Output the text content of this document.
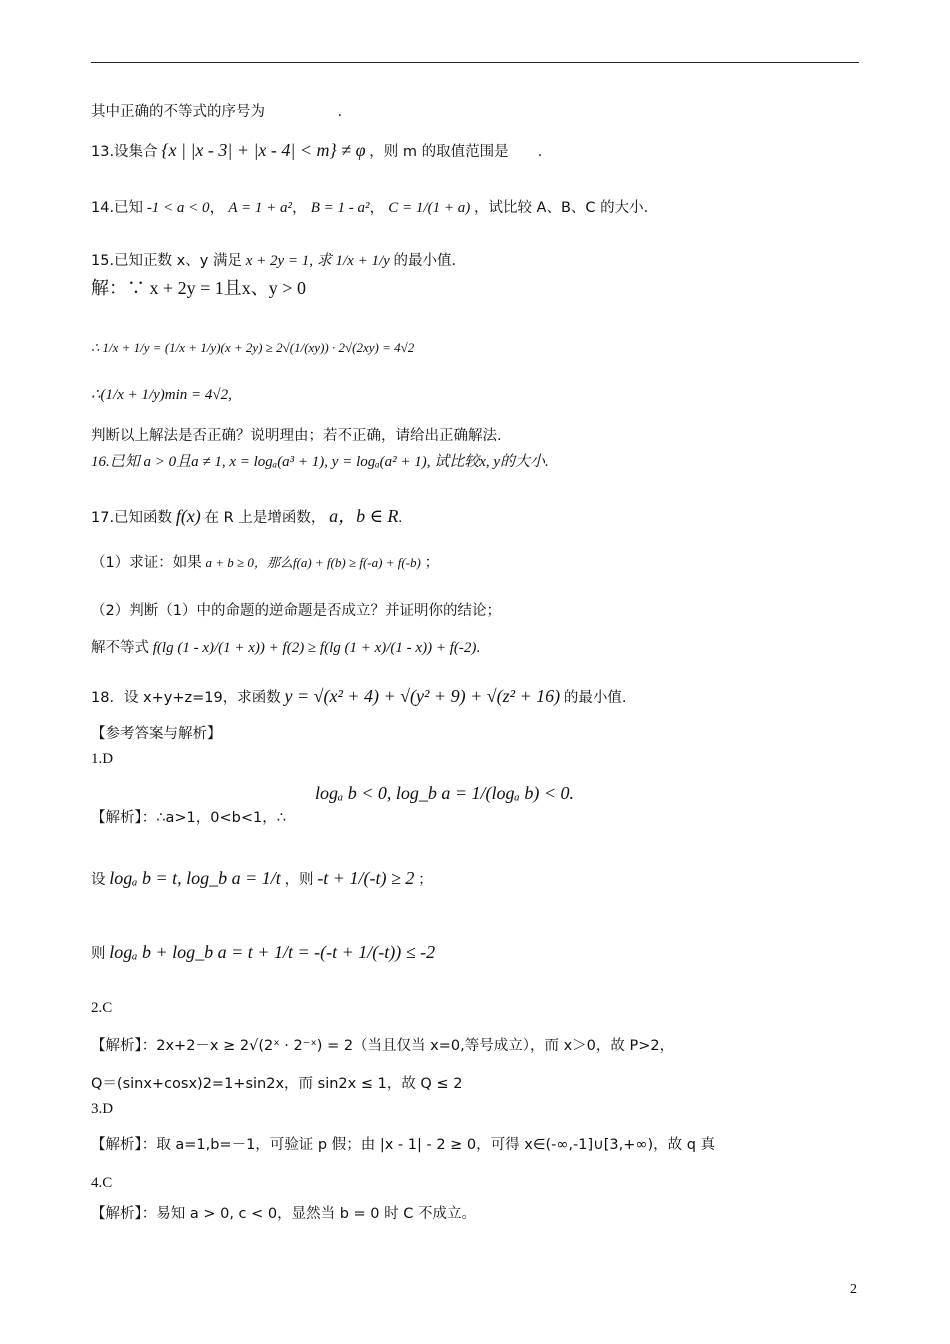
其中正确的不等式的序号为　　　　　.
13.设集合 {x | |x - 3| + |x - 4| < m} ≠ φ ，则 m 的取值范围是　　.
14.已知 -1 < a < 0， A = 1 + a²， B = 1 - a²， C = 1/(1 + a) ，试比较 A、B、C 的大小.
15.已知正数 x、y 满足 x + 2y = 1, 求 1/x + 1/y 的最小值.
解：∵ x + 2y = 1且x、y > 0
∴ 1/x + 1/y = (1/x + 1/y)(x + 2y) ≥ 2√(1/(xy)) · 2√(2xy) = 4√2
∴(1/x + 1/y)min = 4√2,
判断以上解法是否正确？说明理由；若不正确，请给出正确解法.
16.已知 a > 0且a ≠ 1, x = logₐ(a³ + 1), y = logₐ(a² + 1), 试比较x, y的大小.
17.已知函数 f(x) 在 R 上是增函数， a，b ∈ R.
（1）求证：如果 a + b ≥ 0，那么f(a) + f(b) ≥ f(-a) + f(-b) ；
（2）判断（1）中的命题的逆命题是否成立？并证明你的结论；
解不等式 f(lg (1 - x)/(1 + x)) + f(2) ≥ f(lg (1 + x)/(1 - x)) + f(-2).
18．设 x+y+z=19，求函数 y = √(x² + 4) + √(y² + 9) + √(z² + 16) 的最小值.
【参考答案与解析】
1.D
logₐ b < 0, log_b a = 1/(logₐ b) < 0.
【解析】：∴a>1，0<b<1，∴
设 logₐ b = t, log_b a = 1/t ，则 -t + 1/(-t) ≥ 2 ；
则 logₐ b + log_b a = t + 1/t = -(-t + 1/(-t)) ≤ -2
2.C
【解析】：2x+2－x ≥ 2√(2ˣ · 2⁻ˣ) = 2（当且仅当 x=0,等号成立），而 x＞0，故 P>2，
Q＝(sinx+cosx)2=1+sin2x，而 sin2x ≤ 1，故 Q ≤ 2
3.D
【解析】：取 a=1,b=－1，可验证 p 假；由 |x - 1| - 2 ≥ 0，可得 x∈(-∞,-1]∪[3,+∞)，故 q 真
4.C
【解析】：易知 a > 0, c < 0，显然当 b = 0 时 C 不成立。
2
